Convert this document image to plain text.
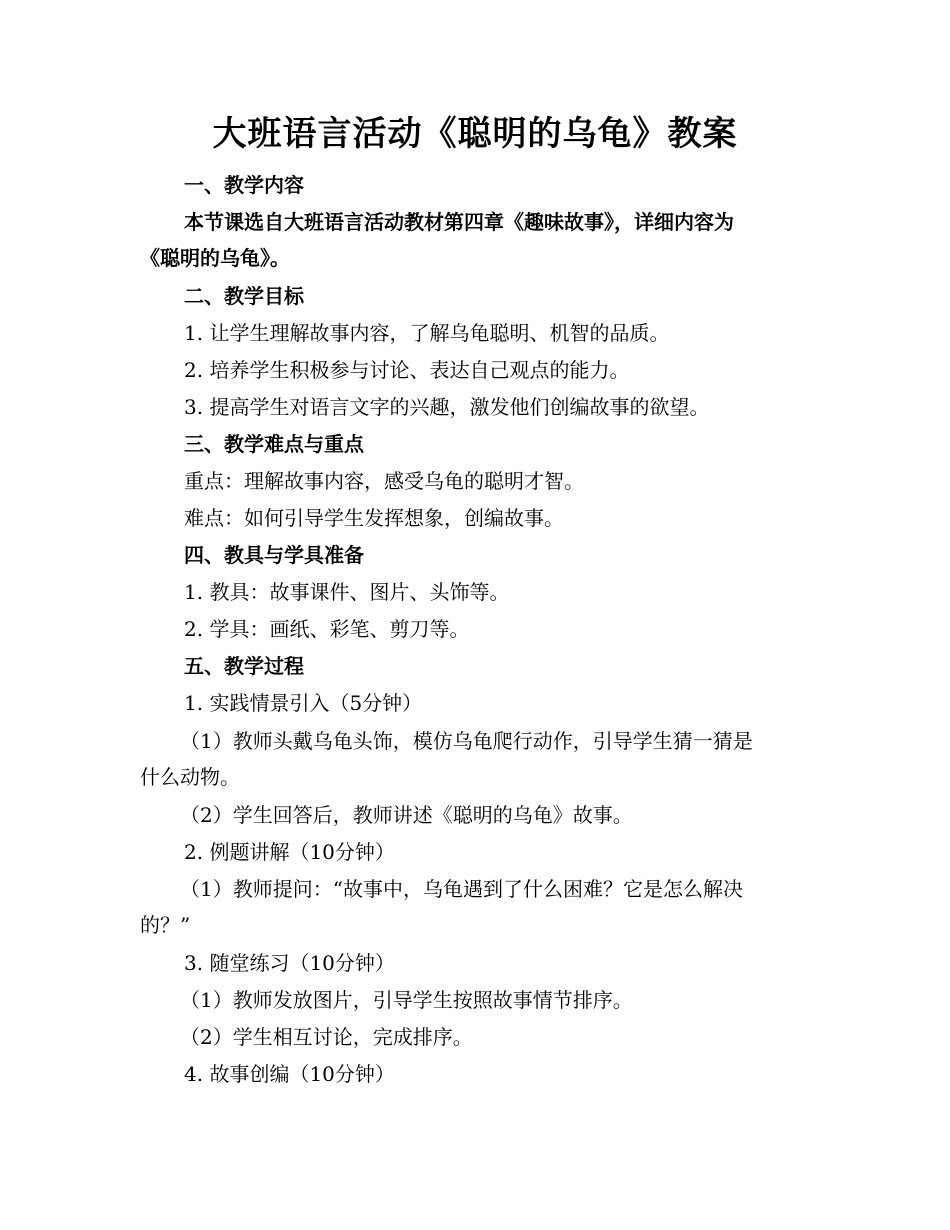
大班语言活动《聪明的乌龟》教案
一、教学内容
本节课选自大班语言活动教材第四章《趣味故事》，详细内容为
《聪明的乌龟》。
二、教学目标
1. 让学生理解故事内容，了解乌龟聪明、机智的品质。
2. 培养学生积极参与讨论、表达自己观点的能力。
3. 提高学生对语言文字的兴趣，激发他们创编故事的欲望。
三、教学难点与重点
重点：理解故事内容，感受乌龟的聪明才智。
难点：如何引导学生发挥想象，创编故事。
四、教具与学具准备
1. 教具：故事课件、图片、头饰等。
2. 学具：画纸、彩笔、剪刀等。
五、教学过程
1. 实践情景引入（5分钟）
（1）教师头戴乌龟头饰，模仿乌龟爬行动作，引导学生猜一猜是
什么动物。
（2）学生回答后，教师讲述《聪明的乌龟》故事。
2. 例题讲解（10分钟）
（1）教师提问：“故事中，乌龟遇到了什么困难？它是怎么解决
的？”
3. 随堂练习（10分钟）
（1）教师发放图片，引导学生按照故事情节排序。
（2）学生相互讨论，完成排序。
4. 故事创编（10分钟）
